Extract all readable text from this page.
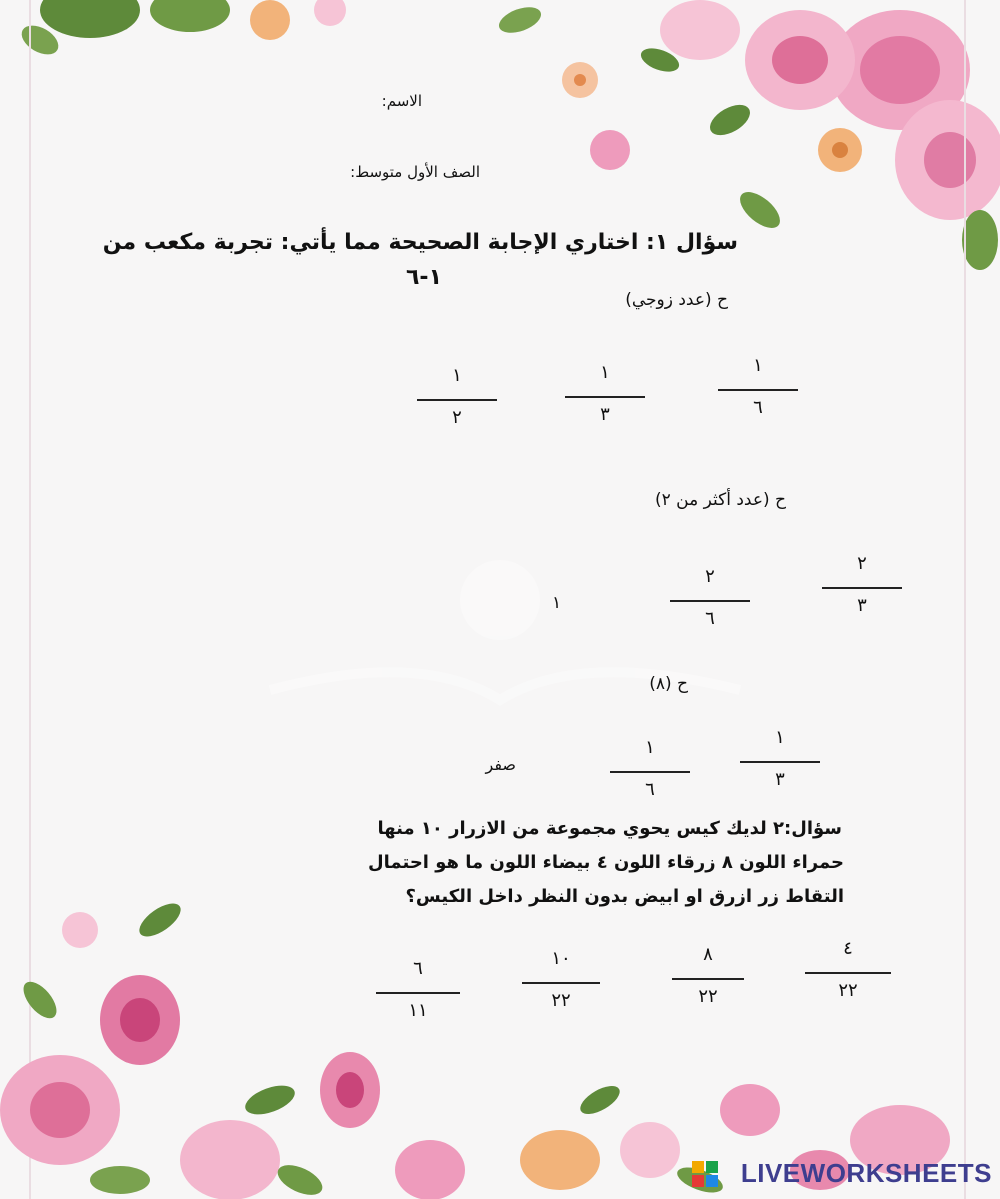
الاسم:
الصف الأول متوسط:
سؤال ١: اختاري الإجابة الصحيحة مما يأتي: تجربة مكعب من
١-٦
ح (عدد زوجي)
١
٦
١
٣
١
٢
ح (عدد أكثر من ٢)
٢
٣
٢
٦
١
ح (٨)
١
٣
١
٦
صفر
سؤال:٢ لديك كيس يحوي مجموعة من الازرار ١٠ منها
حمراء اللون ٨ زرقاء اللون ٤ بيضاء اللون ما هو احتمال
التقاط زر ازرق او ابيض بدون النظر داخل الكيس؟
٤
٢٢
٨
٢٢
١٠
٢٢
٦
١١
LIVEWORKSHEETS
